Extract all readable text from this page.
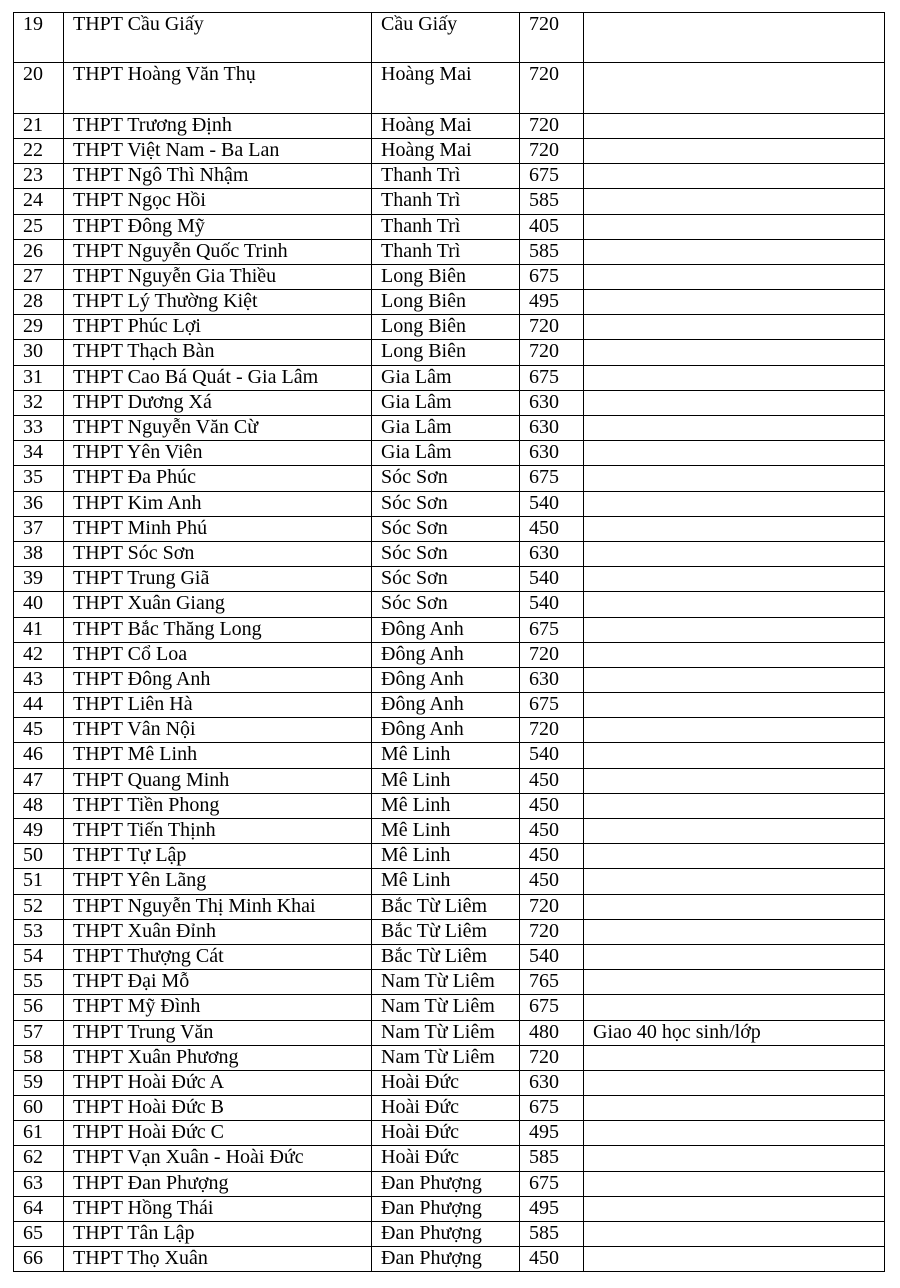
19	THPT Cầu Giấy	Cầu Giấy	720	
20	THPT Hoàng Văn Thụ	Hoàng Mai	720	
21	THPT Trương Định	Hoàng Mai	720	
22	THPT Việt Nam - Ba Lan	Hoàng Mai	720	
23	THPT Ngô Thì Nhậm	Thanh Trì	675	
24	THPT Ngọc Hồi	Thanh Trì	585	
25	THPT Đông Mỹ	Thanh Trì	405	
26	THPT Nguyễn Quốc Trinh	Thanh Trì	585	
27	THPT Nguyễn Gia Thiều	Long Biên	675	
28	THPT Lý Thường Kiệt	Long Biên	495	
29	THPT Phúc Lợi	Long Biên	720	
30	THPT Thạch Bàn	Long Biên	720	
31	THPT Cao Bá Quát - Gia Lâm	Gia Lâm	675	
32	THPT Dương Xá	Gia Lâm	630	
33	THPT Nguyễn Văn Cừ	Gia Lâm	630	
34	THPT Yên Viên	Gia Lâm	630	
35	THPT Đa Phúc	Sóc Sơn	675	
36	THPT Kim Anh	Sóc Sơn	540	
37	THPT Minh Phú	Sóc Sơn	450	
38	THPT Sóc Sơn	Sóc Sơn	630	
39	THPT Trung Giã	Sóc Sơn	540	
40	THPT Xuân Giang	Sóc Sơn	540	
41	THPT Bắc Thăng Long	Đông Anh	675	
42	THPT Cổ Loa	Đông Anh	720	
43	THPT Đông Anh	Đông Anh	630	
44	THPT Liên Hà	Đông Anh	675	
45	THPT Vân Nội	Đông Anh	720	
46	THPT Mê Linh	Mê Linh	540	
47	THPT Quang Minh	Mê Linh	450	
48	THPT Tiền Phong	Mê Linh	450	
49	THPT Tiến Thịnh	Mê Linh	450	
50	THPT Tự Lập	Mê Linh	450	
51	THPT Yên Lãng	Mê Linh	450	
52	THPT Nguyễn Thị Minh Khai	Bắc Từ Liêm	720	
53	THPT Xuân Đỉnh	Bắc Từ Liêm	720	
54	THPT Thượng Cát	Bắc Từ Liêm	540	
55	THPT Đại Mỗ	Nam Từ Liêm	765	
56	THPT Mỹ Đình	Nam Từ Liêm	675	
57	THPT Trung Văn	Nam Từ Liêm	480	Giao 40 học sinh/lớp
58	THPT Xuân Phương	Nam Từ Liêm	720	
59	THPT Hoài Đức A	Hoài Đức	630	
60	THPT Hoài Đức B	Hoài Đức	675	
61	THPT Hoài Đức C	Hoài Đức	495	
62	THPT Vạn Xuân - Hoài Đức	Hoài Đức	585	
63	THPT Đan Phượng	Đan Phượng	675	
64	THPT Hồng Thái	Đan Phượng	495	
65	THPT Tân Lập	Đan Phượng	585	
66	THPT Thọ Xuân	Đan Phượng	450	
